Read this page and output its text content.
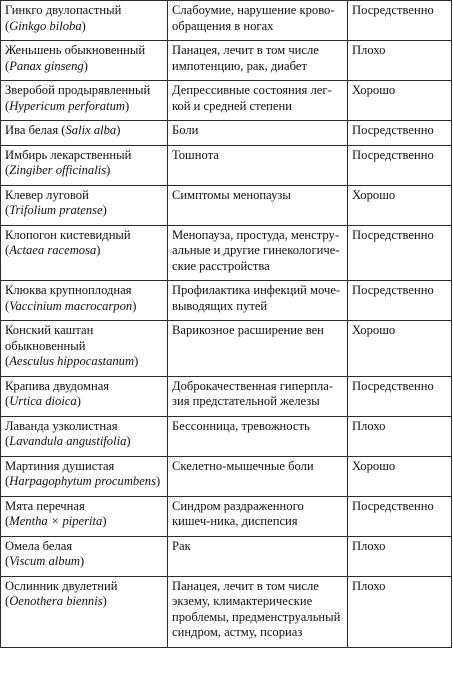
Гинкго двулопастный
(Ginkgo biloba)	Слабоумие, нарушение крово-обращения в ногах	Посредственно
Женьшень обыкновенный
(Panax ginseng)	Панацея, лечит в том числе импотенцию, рак, диабет	Плохо
Зверобой продырявленный
(Hypericum perforatum)	Депрессивные состояния лег-кой и средней степени	Хорошо
Ива белая (Salix alba)	Боли	Посредственно
Имбирь лекарственный
(Zingiber officinalis)	Тошнота	Посредственно
Клевер луговой
(Trifolium pratense)	Симптомы менопаузы	Хорошо
Клопогон кистевидный
(Actaea racemosa)	Менопауза, простуда, менстру-альные и другие гинекологиче-ские расстройства	Посредственно
Клюква крупноплодная
(Vaccinium macrocarpon)	Профилактика инфекций моче-выводящих путей	Посредственно
Конский каштан обыкновенный
(Aesculus hippocastanum)	Варикозное расширение вен	Хорошо
Крапива двудомная
(Urtica dioica)	Доброкачественная гиперпла-зия предстательной железы	Посредственно
Лаванда узколистная
(Lavandula angustifolia)	Бессонница, тревожность	Плохо
Мартиния душистая
(Harpagophytum procumbens)	Скелетно-мышечные боли	Хорошо
Мята перечная
(Mentha × piperita)	Синдром раздраженного кишеч-ника, диспепсия	Посредственно
Омела белая
(Viscum album)	Рак	Плохо
Ослинник двулетний
(Oenothera biennis)	Панацея, лечит в том числе экзему, климактерические проблемы, предменструальный синдром, астму, псориаз	Плохо
